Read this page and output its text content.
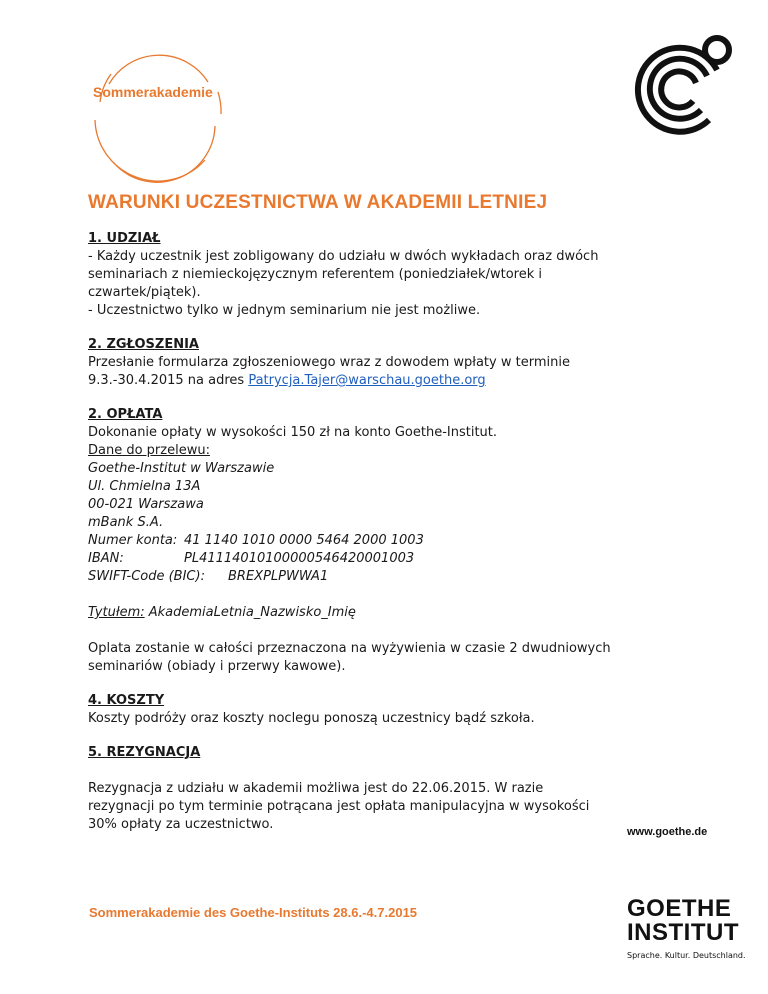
Sommerakademie
WARUNKI UCZESTNICTWA W AKADEMII LETNIEJ
1. UDZIAŁ
- Każdy uczestnik jest zobligowany do udziału w dwóch wykładach oraz dwóch seminariach z niemieckojęzycznym referentem (poniedziałek/wtorek i czwartek/piątek).
- Uczestnictwo tylko w jednym seminarium nie jest możliwe.
2. ZGŁOSZENIA
Przesłanie formularza zgłoszeniowego wraz z dowodem wpłaty w terminie 9.3.-30.4.2015 na adres Patrycja.Tajer@warschau.goethe.org
2. OPŁATA
Dokonanie opłaty w wysokości 150 zł na konto Goethe-Institut.
Dane do przelewu:
Goethe-Institut w Warszawie
Ul. Chmielna 13A
00-021 Warszawa
mBank S.A.
Numer konta: 41 1140 1010 0000 5464 2000 1003
IBAN:	PL41114010100000546420001003
SWIFT-Code (BIC):	BREXPLPWWA1
Tytułem: AkademiaLetnia_Nazwisko_Imię
Oplata zostanie w całości przeznaczona na wyżywienia w czasie 2 dwudniowych seminariów (obiady i przerwy kawowe).
4. KOSZTY
Koszty podróży oraz koszty noclegu ponoszą uczestnicy bądź szkoła.
5. REZYGNACJA
Rezygnacja z udziału w akademii możliwa jest do 22.06.2015. W razie rezygnacji po tym terminie potrącana jest opłata manipulacyjna w wysokości 30% opłaty za uczestnictwo.
Sommerakademie des Goethe-Instituts 28.6.-4.7.2015
www.goethe.de
GOETHE
INSTITUT
Sprache. Kultur. Deutschland.
